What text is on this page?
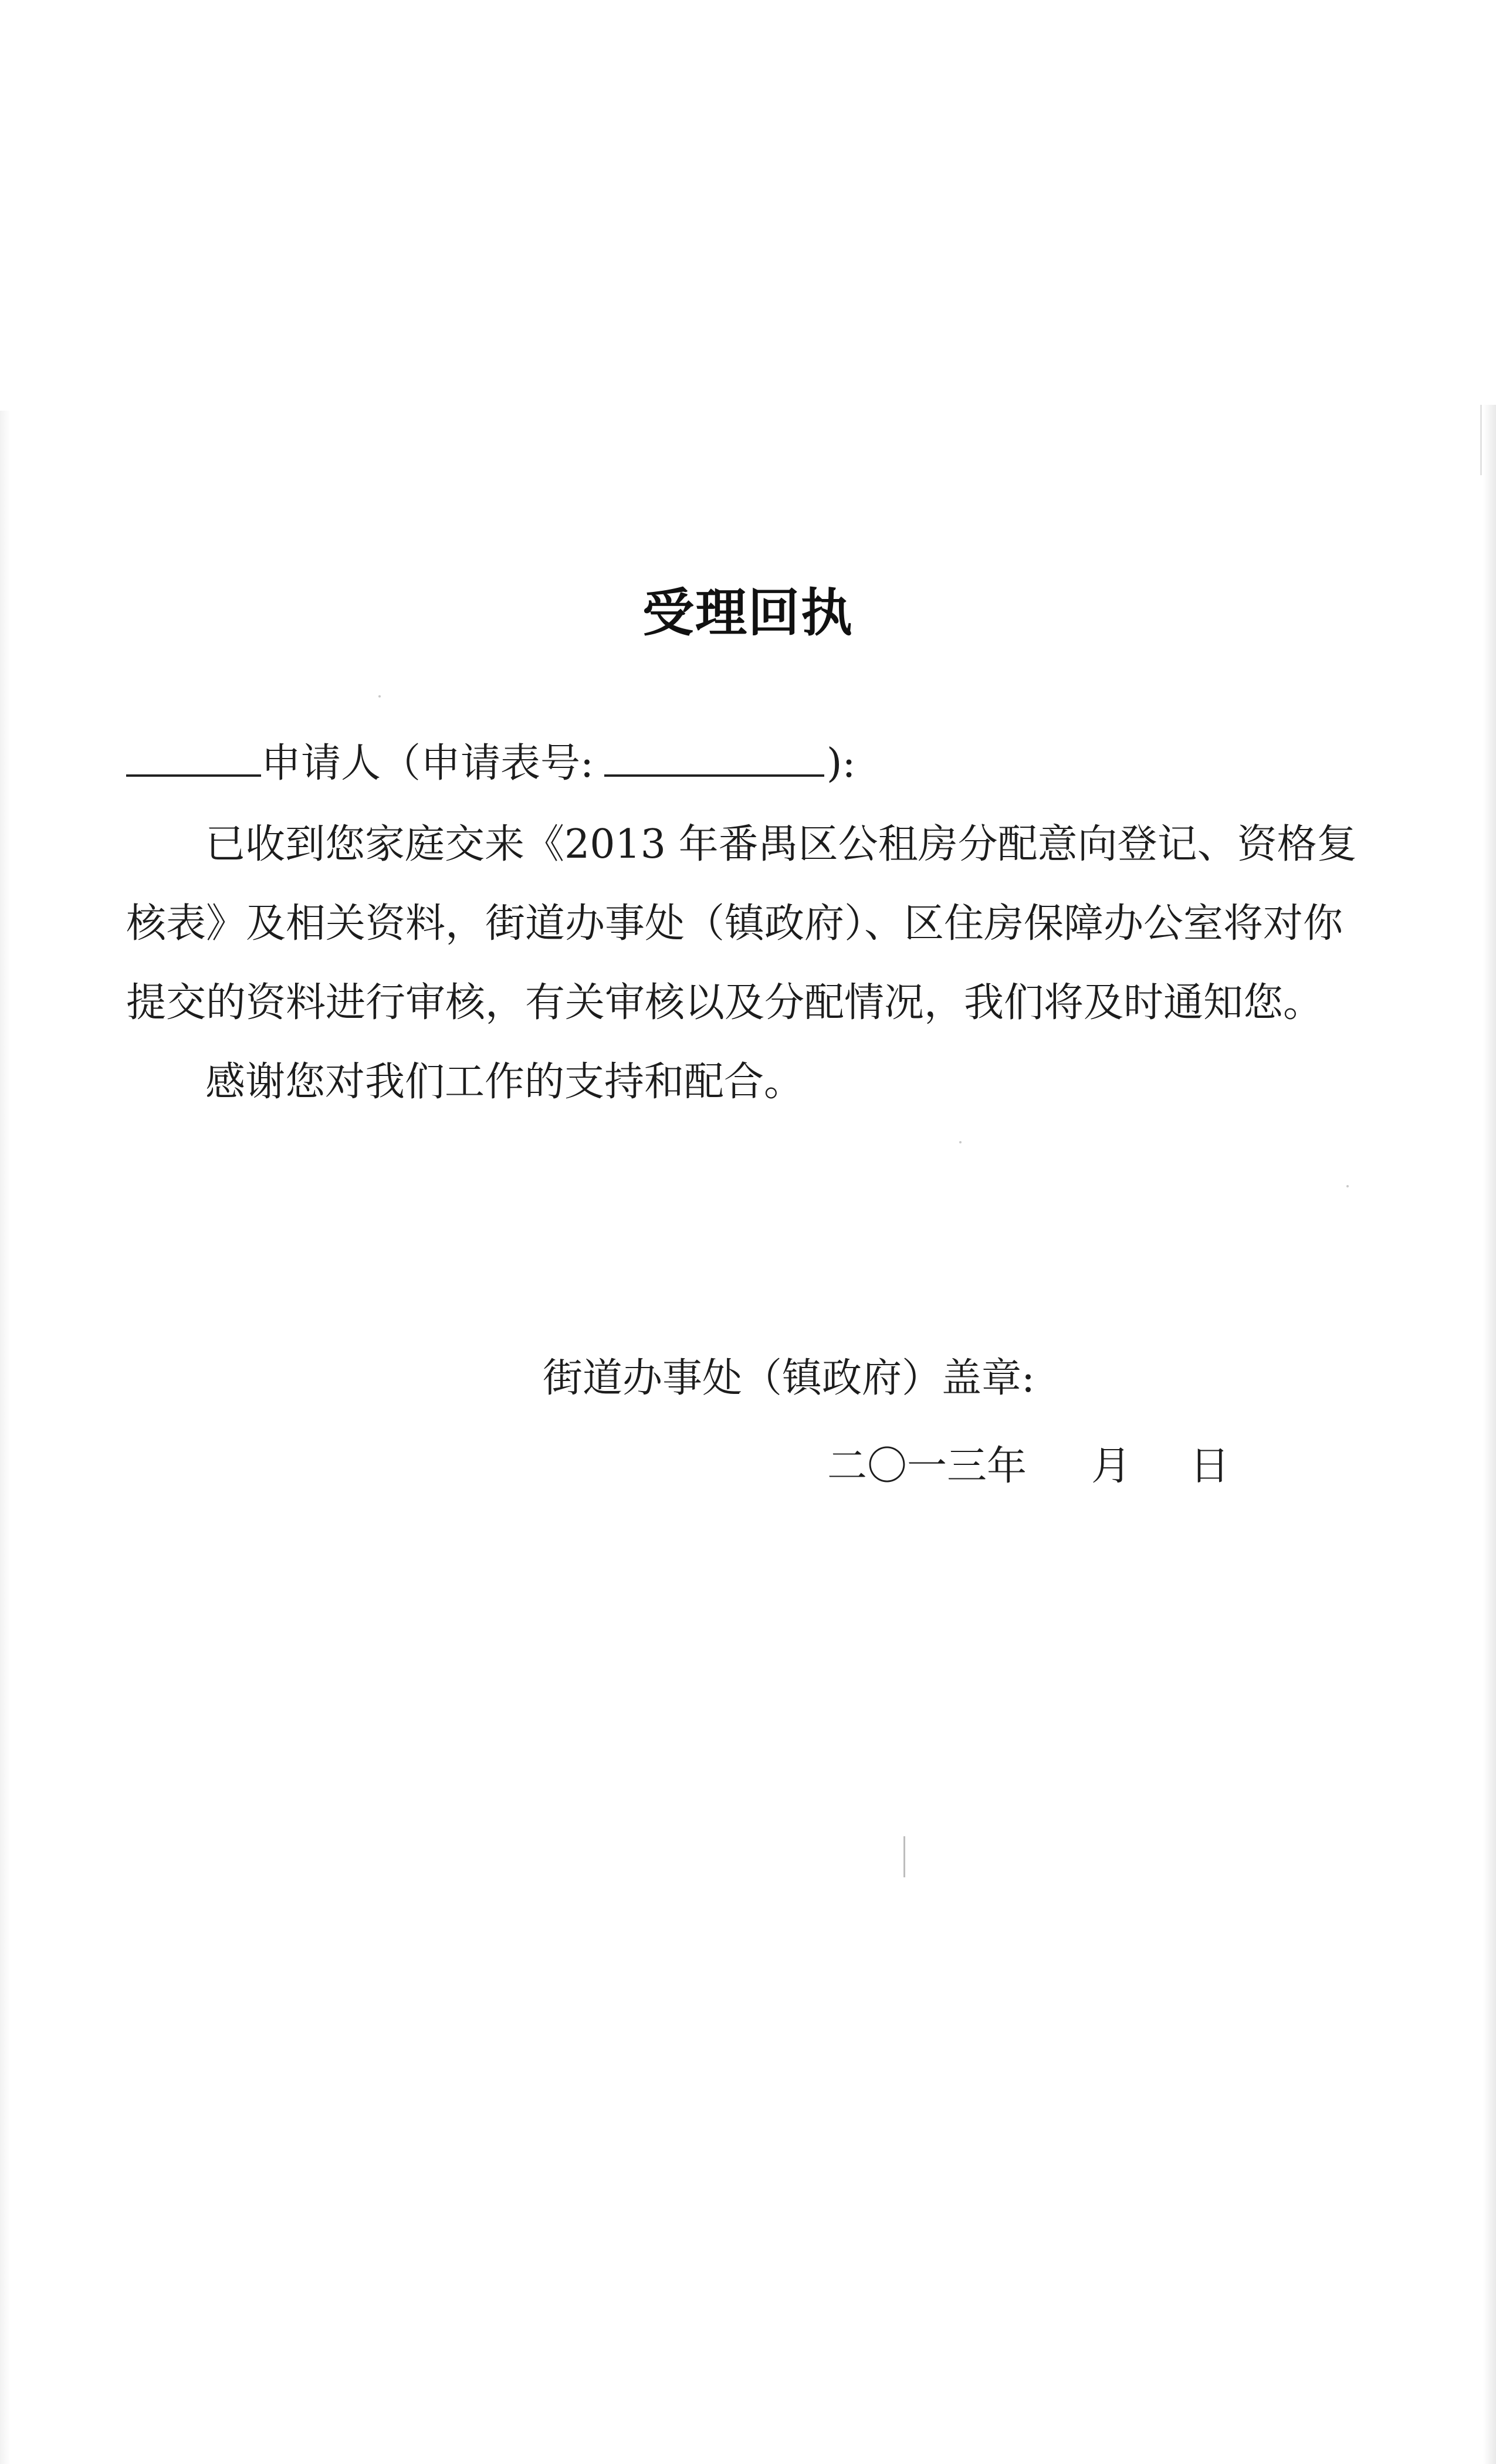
受理回执
申请人（申请表号:	):
已收到您家庭交来《2013 年番禺区公租房分配意向登记、资格复
核表》及相关资料，街道办事处（镇政府）、区住房保障办公室将对你
提交的资料进行审核，有关审核以及分配情况，我们将及时通知您。
感谢您对我们工作的支持和配合。
街道办事处（镇政府）盖章:
二〇一三年 月 日
